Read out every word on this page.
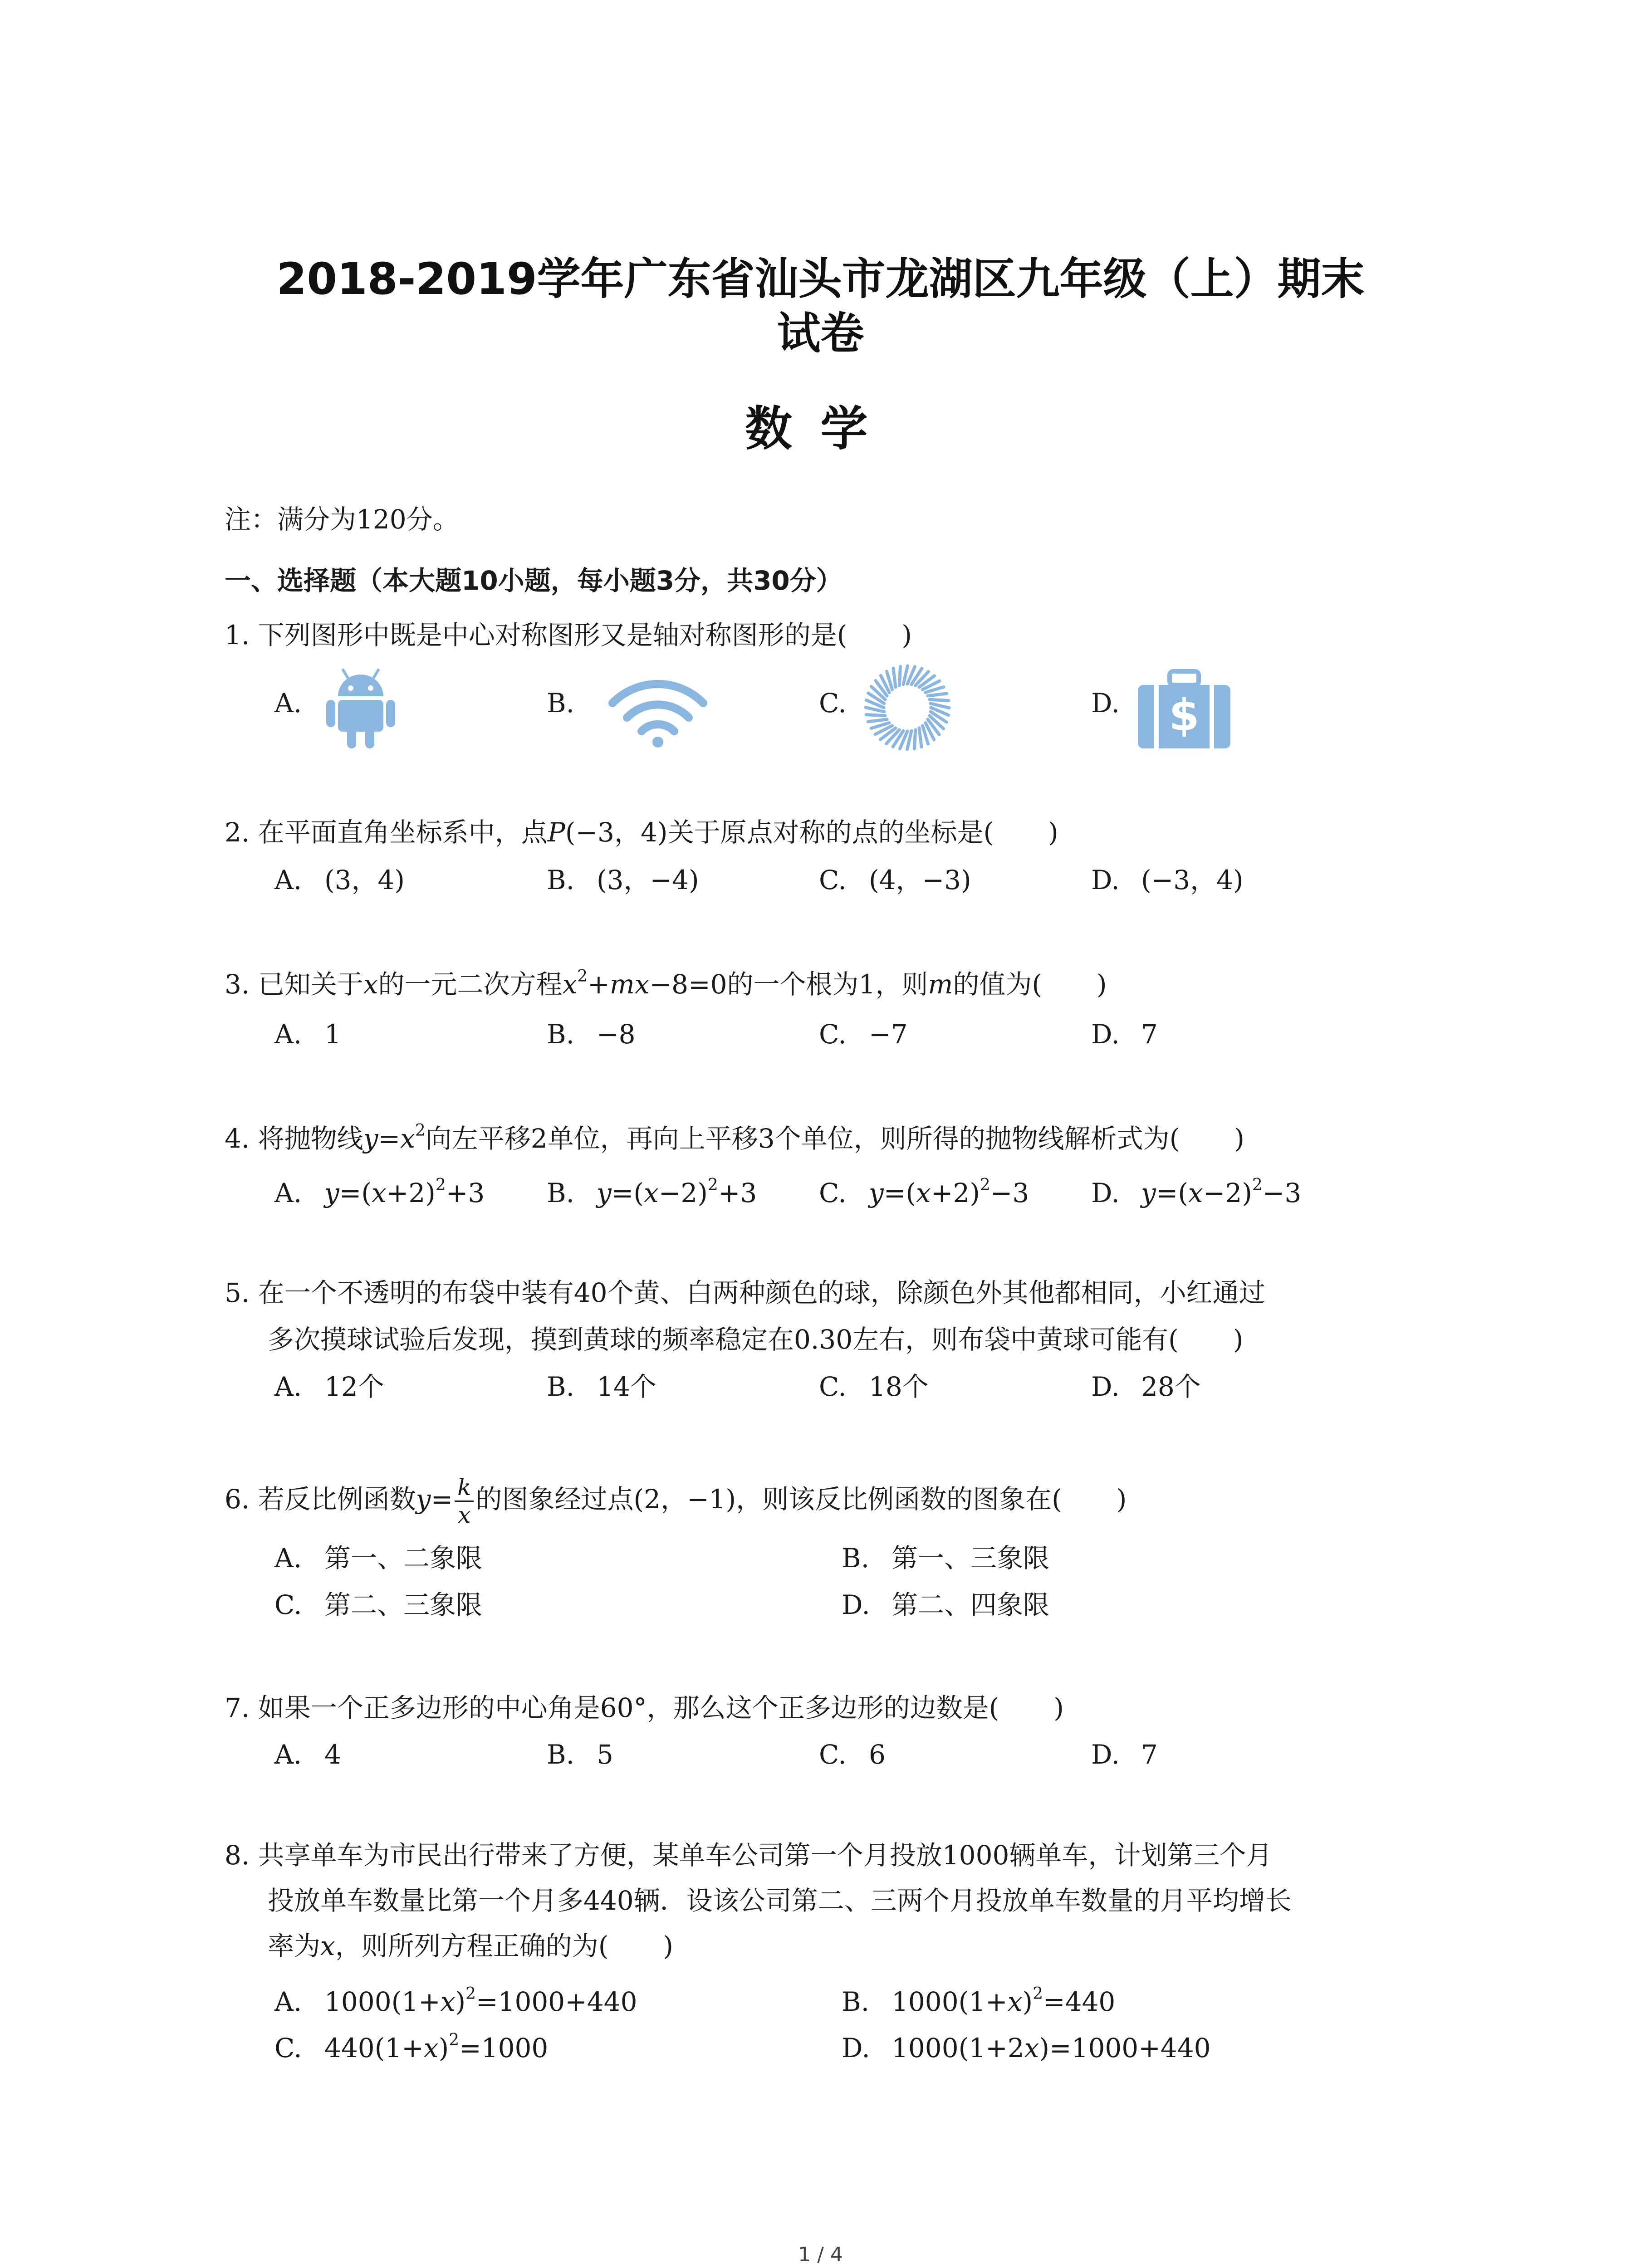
2018-2019学年广东省汕头市龙湖区九年级（上）期末
试卷
数学
注：满分为120分。
一、选择题（本大题10小题，每小题3分，共30分）
1. 下列图形中既是中心对称图形又是轴对称图形的是( )
A.	B.	C.	D. $
2. 在平面直角坐标系中，点P(−3，4)关于原点对称的点的坐标是( )
A. (3，4)	B. (3，−4)	C. (4，−3)	D. (−3，4)
3. 已知关于x的一元二次方程$x^2+mx-8=0$的一个根为1，则m的值为( )
A. 1	B. −8	C. −7	D. 7
4. 将抛物线$y=x^2$向左平移2单位，再向上平移3个单位，则所得的抛物线解析式为( )
A. $y=(x+2)^2+3$ B. $y=(x-2)^2+3$ C. $y=(x+2)^2-3$ D. $y=(x-2)^2-3$
5. 在一个不透明的布袋中装有40个黄、白两种颜色的球，除颜色外其他都相同，小红通过
多次摸球试验后发现，摸到黄球的频率稳定在0.30左右，则布袋中黄球可能有( )
A. 12个	B. 14个	C. 18个	D. 28个
6. 若反比例函数$y= \frac{k}{x}$ 的图象经过点(2，−1)，则该反比例函数的图象在( )
A. 第一、二象限	B. 第一、三象限
C. 第二、三象限	D. 第二、四象限
7. 如果一个正多边形的中心角是60°，那么这个正多边形的边数是( )
A. 4	B. 5	C. 6	D. 7
8. 共享单车为市民出行带来了方便，某单车公司第一个月投放1000辆单车，计划第三个月
投放单车数量比第一个月多440辆．设该公司第二、三两个月投放单车数量的月平均增长
率为x，则所列方程正确的为( )
A. $1000(1+x)^2=1000+440$	B. $1000(1+x)^2=440$
C. $440(1+x)^2=1000$	D. 1000(1+2x)=1000+440
1 / 4
